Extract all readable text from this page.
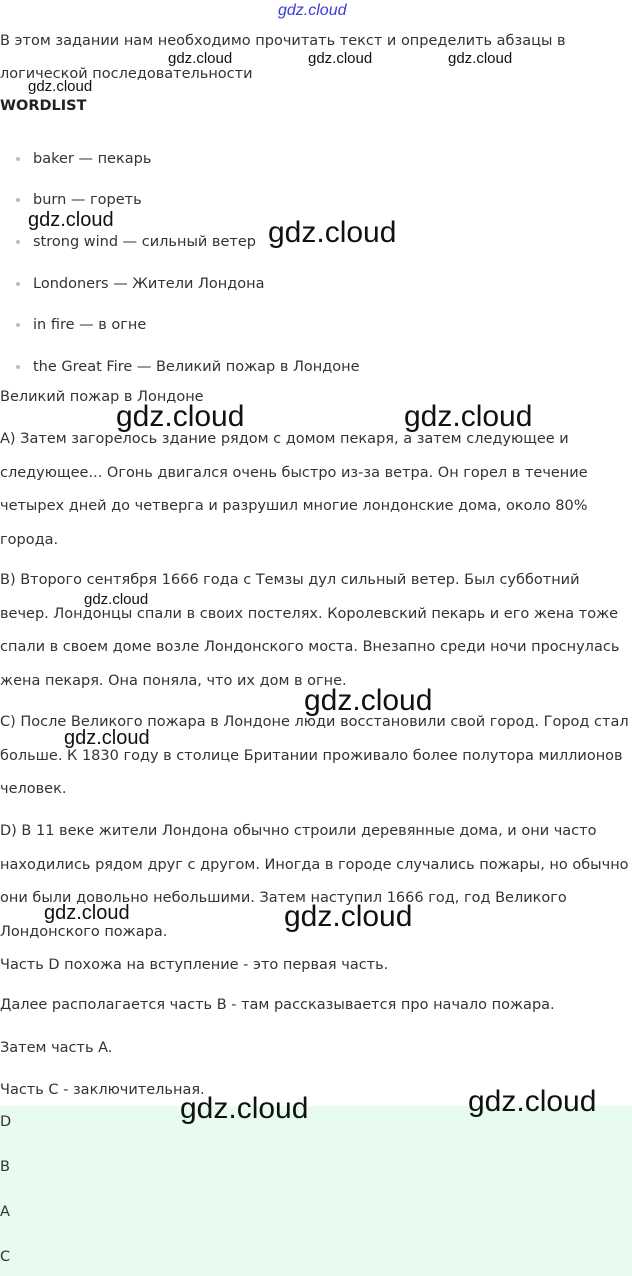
В этом задании нам необходимо прочитать текст и определить абзацы в
логической последовательности
WORDLIST
baker — пекарь
burn — гореть
strong wind — сильный ветер
Londoners — Жители Лондона
in fire — в огне
the Great Fire — Великий пожар в Лондоне
Великий пожар в Лондоне
A) Затем загорелось здание рядом с домом пекаря, а затем следующее и следующее... Огонь двигался очень быстро из-за ветра. Он горел в течение четырех дней до четверга и разрушил многие лондонские дома, около 80% города.
B) Второго сентября 1666 года с Темзы дул сильный ветер. Был субботний вечер. Лондонцы спали в своих постелях. Королевский пекарь и его жена тоже спали в своем доме возле Лондонского моста. Внезапно среди ночи проснулась жена пекаря. Она поняла, что их дом в огне.
C) После Великого пожара в Лондоне люди восстановили свой город. Город стал больше. К 1830 году в столице Британии проживало более полутора миллионов человек.
D) В 11 веке жители Лондона обычно строили деревянные дома, и они часто находились рядом друг с другом. Иногда в городе случались пожары, но обычно они были довольно небольшими. Затем наступил 1666 год, год Великого Лондонского пожара.
Часть D похожа на вступление - это первая часть.
Далее располагается часть B - там рассказывается про начало пожара.
Затем часть A.
Часть C - заключительная.
D
B
A
C
gdz.cloud
gdz.cloud	gdz.cloud	gdz.cloud
gdz.cloud
gdz.cloud	gdz.cloud
gdz.cloud	gdz.cloud
gdz.cloud
gdz.cloud
gdz.cloud
gdz.cloud	gdz.cloud
gdz.cloud	gdz.cloud
